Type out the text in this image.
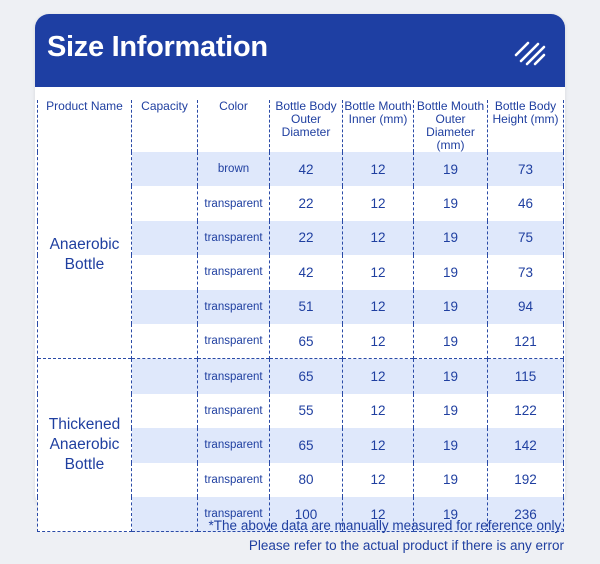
Size Information
Product Name	Capacity	Color	Bottle Body Outer Diameter	Bottle Mouth Inner (mm)	Bottle Mouth Outer Diameter (mm)	Bottle Body Height (mm)
Anaerobic Bottle		brown	42	12	19	73
		transparent	22	12	19	46
		transparent	22	12	19	75
		transparent	42	12	19	73
		transparent	51	12	19	94
		transparent	65	12	19	121
Thickened Anaerobic Bottle		transparent	65	12	19	115
		transparent	55	12	19	122
		transparent	65	12	19	142
		transparent	80	12	19	192
		transparent	100	12	19	236
*The above data are manually measured for reference only.
Please refer to the actual product if there is any error
